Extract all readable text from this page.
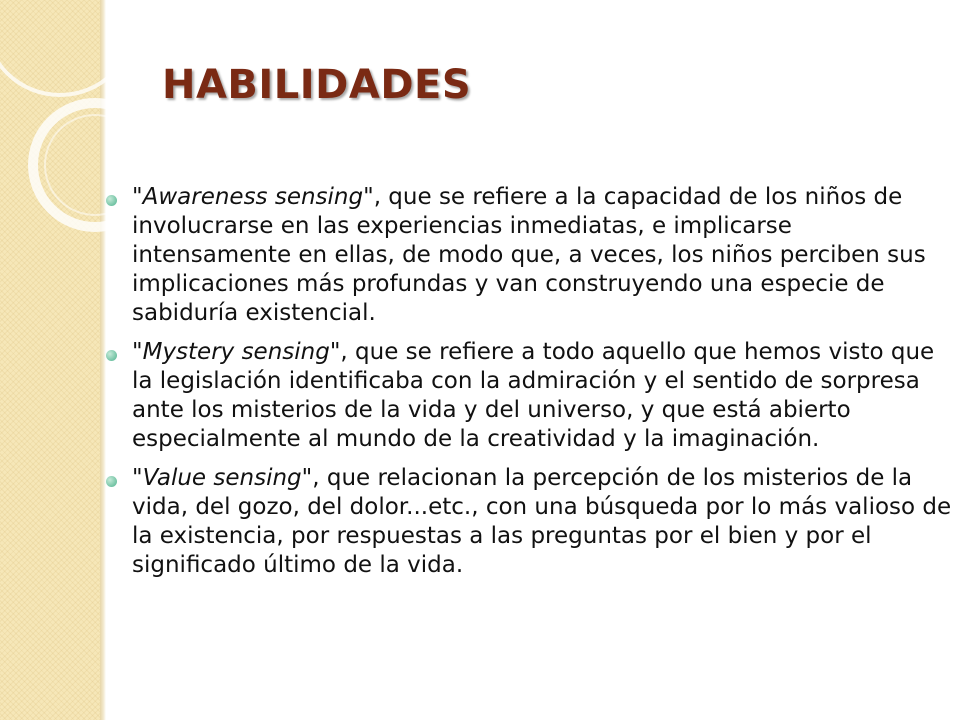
HABILIDADES
"Awareness sensing", que se refiere a la capacidad de los niños de involucrarse en las experiencias inmediatas, e implicarse intensamente en ellas, de modo que, a veces, los niños perciben sus implicaciones más profundas y van construyendo una especie de sabiduría existencial.
"Mystery sensing", que se refiere a todo aquello que hemos visto que la legislación identificaba con la admiración y el sentido de sorpresa ante los misterios de la vida y del universo, y que está abierto especialmente al mundo de la creatividad y la imaginación.
"Value sensing", que relacionan la percepción de los misterios de la vida, del gozo, del dolor...etc., con una búsqueda por lo más valioso de la existencia, por respuestas a las preguntas por el bien y por el significado último de la vida.
